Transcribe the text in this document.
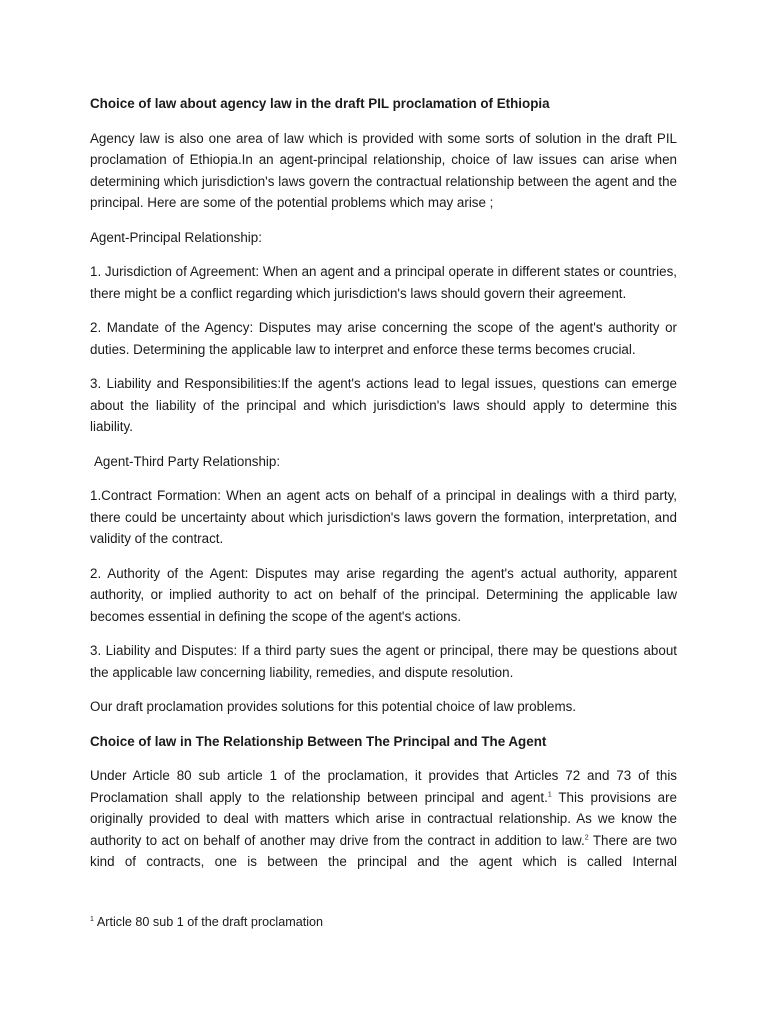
Choice of law about agency law in the draft PIL proclamation of Ethiopia

Agency law is also one area of law which is provided with some sorts of solution in the draft PIL proclamation of Ethiopia.In an agent-principal relationship, choice of law issues can arise when determining which jurisdiction's laws govern the contractual relationship between the agent and the principal. Here are some of the potential problems which may arise ;

Agent-Principal Relationship:

1. Jurisdiction of Agreement: When an agent and a principal operate in different states or countries, there might be a conflict regarding which jurisdiction's laws should govern their agreement.

2. Mandate of the Agency: Disputes may arise concerning the scope of the agent's authority or duties. Determining the applicable law to interpret and enforce these terms becomes crucial.

3. Liability and Responsibilities:If the agent's actions lead to legal issues, questions can emerge about the liability of the principal and which jurisdiction's laws should apply to determine this liability.

Agent-Third Party Relationship:

1.Contract Formation: When an agent acts on behalf of a principal in dealings with a third party, there could be uncertainty about which jurisdiction's laws govern the formation, interpretation, and validity of the contract.

2. Authority of the Agent: Disputes may arise regarding the agent's actual authority, apparent authority, or implied authority to act on behalf of the principal. Determining the applicable law becomes essential in defining the scope of the agent's actions.

3. Liability and Disputes: If a third party sues the agent or principal, there may be questions about the applicable law concerning liability, remedies, and dispute resolution.

Our draft proclamation provides solutions for this potential choice of law problems.

Choice of law in The Relationship Between The Principal and The Agent

Under Article 80 sub article 1 of the proclamation, it provides that Articles 72 and 73 of this Proclamation shall apply to the relationship between principal and agent.$^1$ This provisions are originally provided to deal with matters which arise in contractual relationship. As we know the authority to act on behalf of another may drive from the contract in addition to law.$^2$ There are two kind of contracts, one is between the principal and the agent which is called Internal

$^1$ Article 80 sub 1 of the draft proclamation
